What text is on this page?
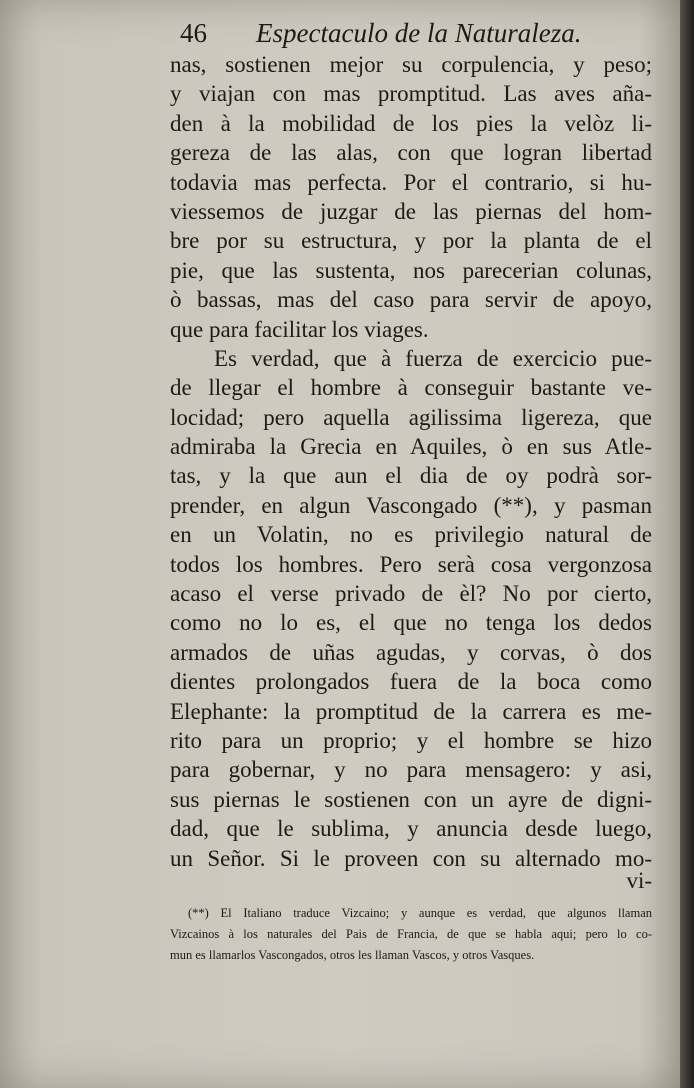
46 Espectaculo de la Naturaleza.
nas, sostienen mejor su corpulencia, y peso;
y viajan con mas promptitud. Las aves aña-
den à la mobilidad de los pies la velòz li-
gereza de las alas, con que logran libertad
todavia mas perfecta. Por el contrario, si hu-
viessemos de juzgar de las piernas del hom-
bre por su estructura, y por la planta de el
pie, que las sustenta, nos parecerian colunas,
ò bassas, mas del caso para servir de apoyo,
que para facilitar los viages.
Es verdad, que à fuerza de exercicio pue-
de llegar el hombre à conseguir bastante ve-
locidad; pero aquella agilissima ligereza, que
admiraba la Grecia en Aquiles, ò en sus Atle-
tas, y la que aun el dia de oy podrà sor-
prender, en algun Vascongado (**), y pasman
en un Volatin, no es privilegio natural de
todos los hombres. Pero serà cosa vergonzosa
acaso el verse privado de èl? No por cierto,
como no lo es, el que no tenga los dedos
armados de uñas agudas, y corvas, ò dos
dientes prolongados fuera de la boca como
Elephante: la promptitud de la carrera es me-
rito para un proprio; y el hombre se hizo
para gobernar, y no para mensagero: y asi,
sus piernas le sostienen con un ayre de digni-
dad, que le sublima, y anuncia desde luego,
un Señor. Si le proveen con su alternado mo-
vi-
(**) El Italiano traduce Vizcaino; y aunque es verdad, que algunos llaman
Vizcainos à los naturales del Pais de Francia, de que se habla aqui; pero lo co-
mun es llamarlos Vascongados, otros les llaman Vascos, y otros Vasques.
